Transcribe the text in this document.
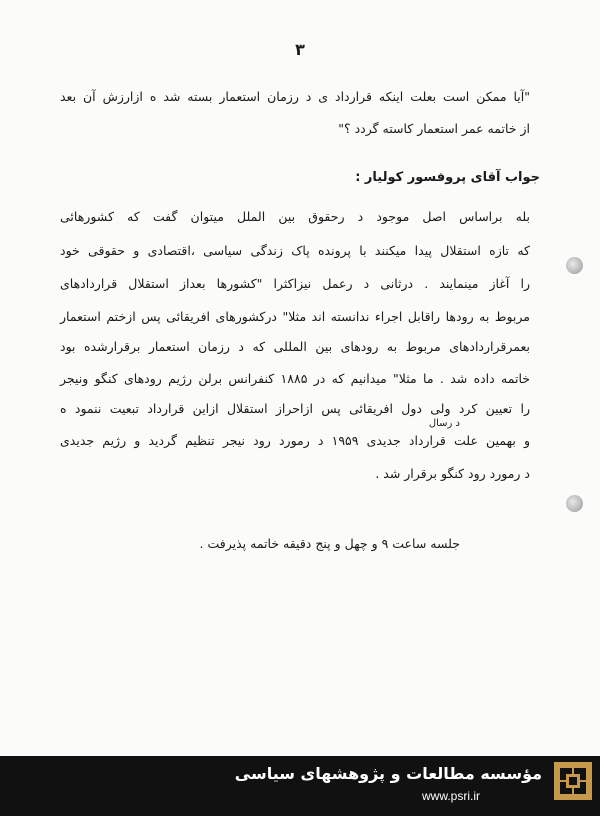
۳
"آیا ممکن است بعلت اینکه قرارداد ی د رزمان استعمار بسته شد ه ازارزش آن بعد
از خاتمه عمر استعمار کاسته گردد ؟"
جواب آقای پروفسور کولیار :
بله براساس اصل موجود د رحقوق بین الملل میتوان گفت که کشورهائی
که تازه استقلال پیدا میکنند با پرونده پاک زندگی سیاسی ،اقتصادی و حقوقی خود
را آغاز مینمایند . درثانی د رعمل نیزاکثرا "کشورها بعداز استقلال قراردادهای
مربوط به رودها راقابل اجراء ندانسته اند مثلا" درکشورهای افریقائی پس ازختم استعمار
بعمرقراردادهای مربوط به رودهای بین المللی که د رزمان استعمار برقرارشده بود
خاتمه داده شد . ما مثلا" میدانیم که در ۱۸۸۵ کنفرانس برلن رژیم رودهای کنگو ونیجر
را تعیین کرد ولی دول افریقائی پس ازاحراز استقلال ازاین قرارداد تبعیت ننمود ه
د رسال
و بهمین علت قرارداد جدیدی ۱۹۵۹ د رمورد رود نیجر تنظیم گردید و رژیم جدیدی
د رمورد رود کنگو برقرار شد .
جلسه ساعت ۹ و چهل و پنج دقیقه خاتمه پذیرفت .
مؤسسه مطالعات و پژوهشهای سیاسی
www.psri.ir
